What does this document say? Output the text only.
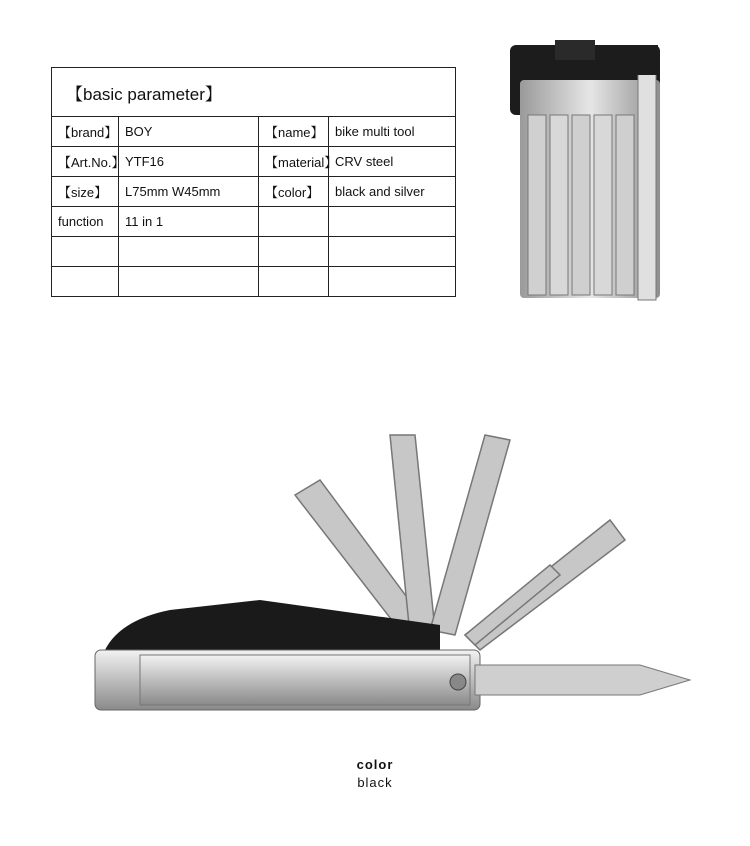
【basic parameter】			
【brand】	BOY	【name】	bike multi tool
【Art.No.】	YTF16	【material】	CRV steel
【size】	L75mm W45mm	【color】	black and silver
function	11 in 1		

color
black
